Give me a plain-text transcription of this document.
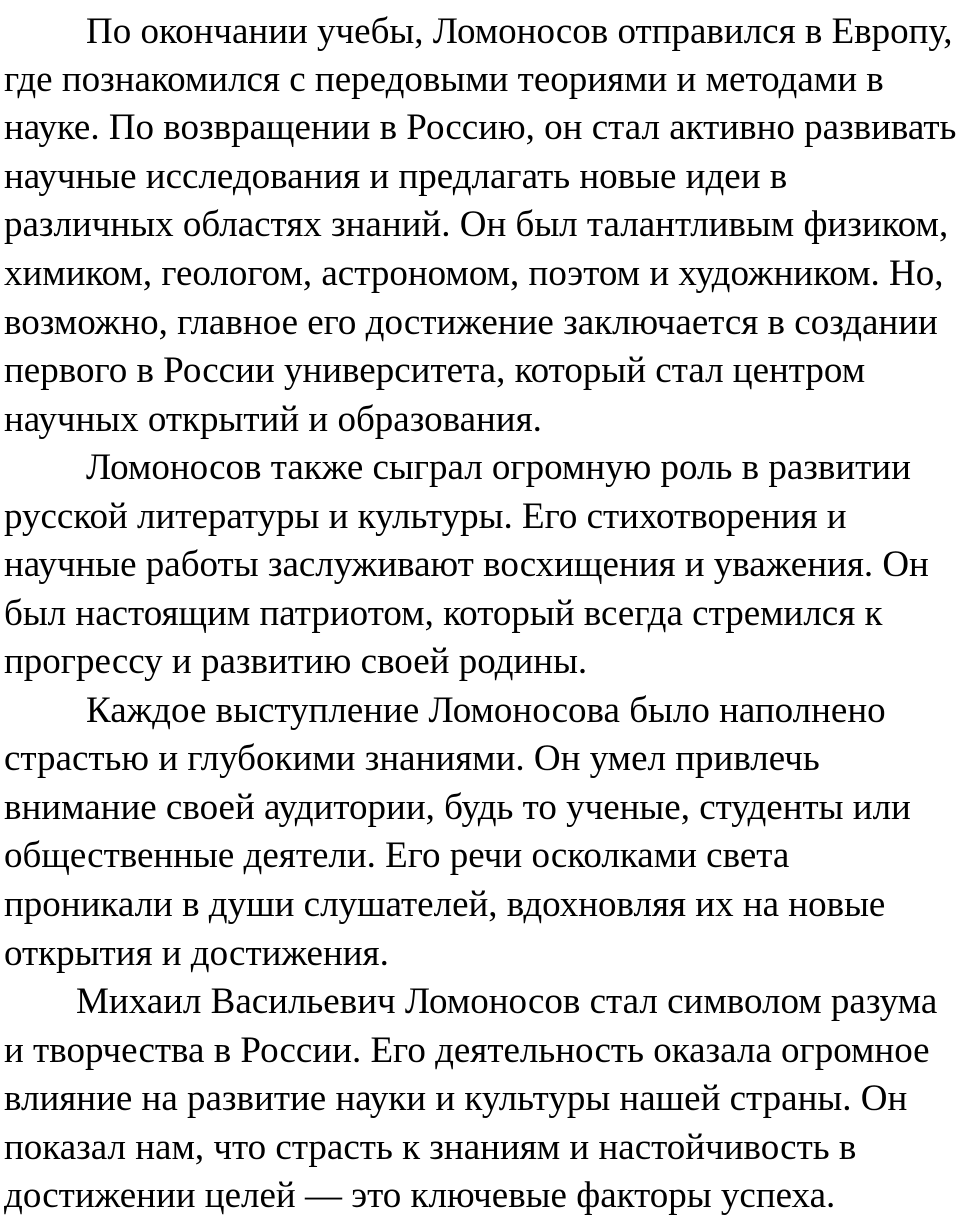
По окончании учебы, Ломоносов отправился в Европу,
где познакомился с передовыми теориями и методами в
науке. По возвращении в Россию, он стал активно развивать
научные исследования и предлагать новые идеи в
различных областях знаний. Он был талантливым физиком,
химиком, геологом, астрономом, поэтом и художником. Но,
возможно, главное его достижение заключается в создании
первого в России университета, который стал центром
научных открытий и образования.
Ломоносов также сыграл огромную роль в развитии
русской литературы и культуры. Его стихотворения и
научные работы заслуживают восхищения и уважения. Он
был настоящим патриотом, который всегда стремился к
прогрессу и развитию своей родины.
Каждое выступление Ломоносова было наполнено
страстью и глубокими знаниями. Он умел привлечь
внимание своей аудитории, будь то ученые, студенты или
общественные деятели. Его речи осколками света
проникали в души слушателей, вдохновляя их на новые
открытия и достижения.
Михаил Васильевич Ломоносов стал символом разума
и творчества в России. Его деятельность оказала огромное
влияние на развитие науки и культуры нашей страны. Он
показал нам, что страсть к знаниям и настойчивость в
достижении целей — это ключевые факторы успеха.
